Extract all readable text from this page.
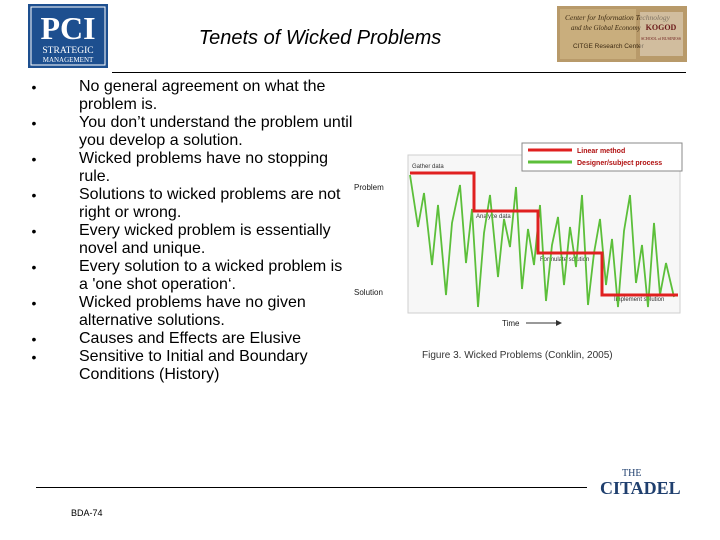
PCI
STRATEGIC
MANAGEMENT
Center for Information Technology
and the Global Economy
CITGE Research Center
KOGOD
SCHOOL of BUSINESS
Tenets of Wicked Problems
•	No general agreement on what the problem is.
•	You don’t understand the problem until you develop a solution.
•	Wicked problems have no stopping rule.
•	Solutions to wicked problems are not right or wrong.
•	Every wicked problem is essentially novel and unique.
•	Every solution to a wicked problem is a 'one shot operation‘.
•	Wicked problems have no given alternative solutions.
•	Causes and Effects are Elusive
•	Sensitive to Initial and Boundary Conditions (History)
Linear method
Designer/subject process
Problem
Solution
Time
Gather data
Analyze data
Formulate solution
Implement solution
Figure 3. Wicked Problems (Conklin, 2005)
THE
CITADEL
BDA-74
